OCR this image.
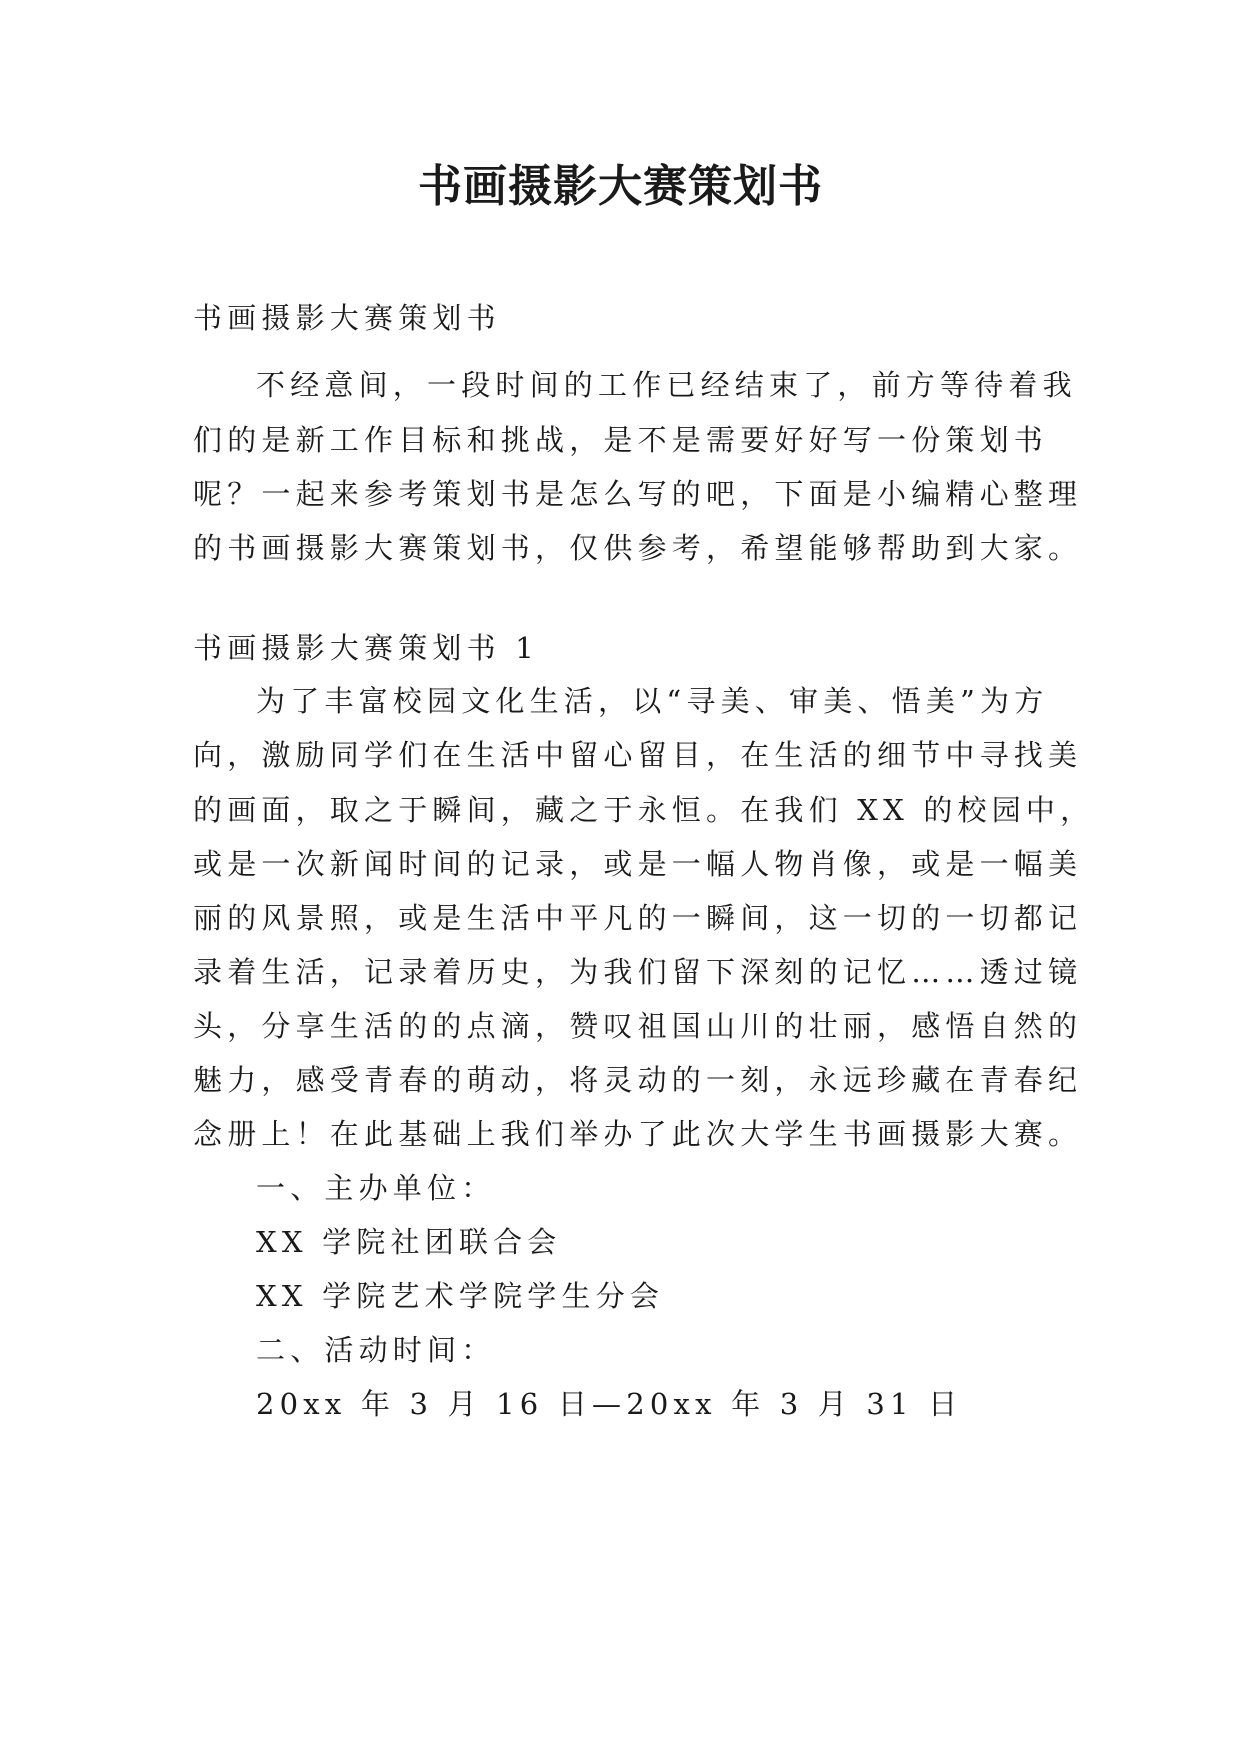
书画摄影大赛策划书
书画摄影大赛策划书
不经意间，一段时间的工作已经结束了，前方等待着我
们的是新工作目标和挑战，是不是需要好好写一份策划书
呢？一起来参考策划书是怎么写的吧，下面是小编精心整理
的书画摄影大赛策划书，仅供参考，希望能够帮助到大家。
书画摄影大赛策划书 1
为了丰富校园文化生活，以“寻美、审美、悟美”为方
向，激励同学们在生活中留心留目，在生活的细节中寻找美
的画面，取之于瞬间，藏之于永恒。在我们 XX 的校园中，
或是一次新闻时间的记录，或是一幅人物肖像，或是一幅美
丽的风景照，或是生活中平凡的一瞬间，这一切的一切都记
录着生活，记录着历史，为我们留下深刻的记忆……透过镜
头，分享生活的的点滴，赞叹祖国山川的壮丽，感悟自然的
魅力，感受青春的萌动，将灵动的一刻，永远珍藏在青春纪
念册上！在此基础上我们举办了此次大学生书画摄影大赛。
一、主办单位：
XX 学院社团联合会
XX 学院艺术学院学生分会
二、活动时间：
20xx 年 3 月 16 日—20xx 年 3 月 31 日
